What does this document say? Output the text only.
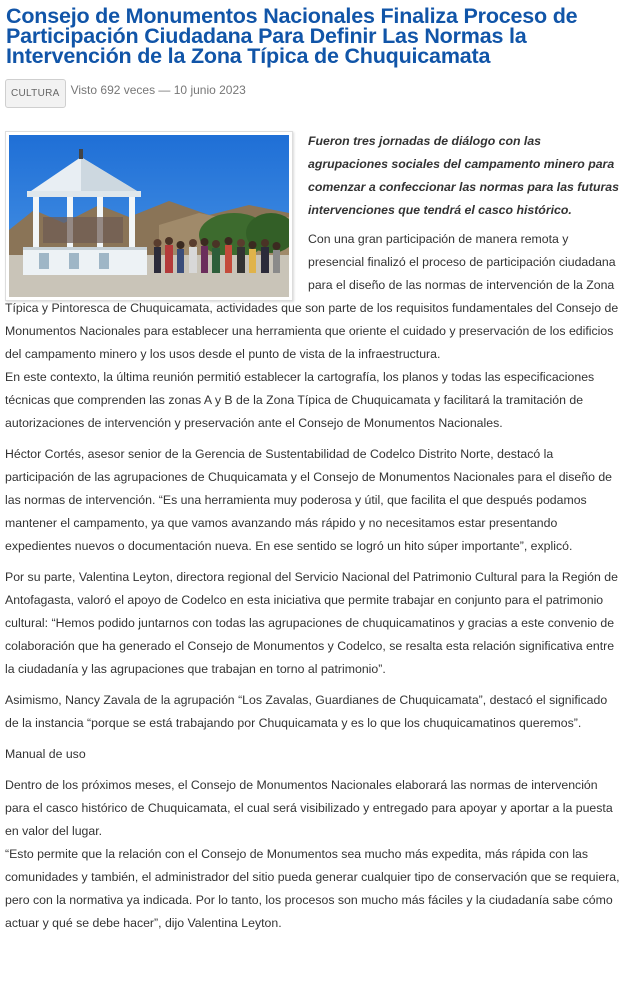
Consejo de Monumentos Nacionales Finaliza Proceso de Participación Ciudadana Para Definir Las Normas la Intervención de la Zona Típica de Chuquicamata
CULTURA Visto 692 veces — 10 junio 2023

Fueron tres jornadas de diálogo con las agrupaciones sociales del campamento minero para comenzar a confeccionar las normas para las futuras intervenciones que tendrá el casco histórico.

Con una gran participación de manera remota y presencial finalizó el proceso de participación ciudadana para el diseño de las normas de intervención de la Zona Típica y Pintoresca de Chuquicamata, actividades que son parte de los requisitos fundamentales del Consejo de Monumentos Nacionales para establecer una herramienta que oriente el cuidado y preservación de los edificios del campamento minero y los usos desde el punto de vista de la infraestructura.

En este contexto, la última reunión permitió establecer la cartografía, los planos y todas las especificaciones técnicas que comprenden las zonas A y B de la Zona Típica de Chuquicamata y facilitará la tramitación de autorizaciones de intervención y preservación ante el Consejo de Monumentos Nacionales.

Héctor Cortés, asesor senior de la Gerencia de Sustentabilidad de Codelco Distrito Norte, destacó la participación de las agrupaciones de Chuquicamata y el Consejo de Monumentos Nacionales para el diseño de las normas de intervención. “Es una herramienta muy poderosa y útil, que facilita el que después podamos mantener el campamento, ya que vamos avanzando más rápido y no necesitamos estar presentando expedientes nuevos o documentación nueva. En ese sentido se logró un hito súper importante”, explicó.

Por su parte, Valentina Leyton, directora regional del Servicio Nacional del Patrimonio Cultural para la Región de Antofagasta, valoró el apoyo de Codelco en esta iniciativa que permite trabajar en conjunto para el patrimonio cultural: “Hemos podido juntarnos con todas las agrupaciones de chuquicamatinos y gracias a este convenio de colaboración que ha generado el Consejo de Monumentos y Codelco, se resalta esta relación significativa entre la ciudadanía y las agrupaciones que trabajan en torno al patrimonio”.

Asimismo, Nancy Zavala de la agrupación “Los Zavalas, Guardianes de Chuquicamata”, destacó el significado de la instancia “porque se está trabajando por Chuquicamata y es lo que los chuquicamatinos queremos”.

Manual de uso

Dentro de los próximos meses, el Consejo de Monumentos Nacionales elaborará las normas de intervención para el casco histórico de Chuquicamata, el cual será visibilizado y entregado para apoyar y aportar a la puesta en valor del lugar.

“Esto permite que la relación con el Consejo de Monumentos sea mucho más expedita, más rápida con las comunidades y también, el administrador del sitio pueda generar cualquier tipo de conservación que se requiera, pero con la normativa ya indicada. Por lo tanto, los procesos son mucho más fáciles y la ciudadanía sabe cómo actuar y qué se debe hacer”, dijo Valentina Leyton.
